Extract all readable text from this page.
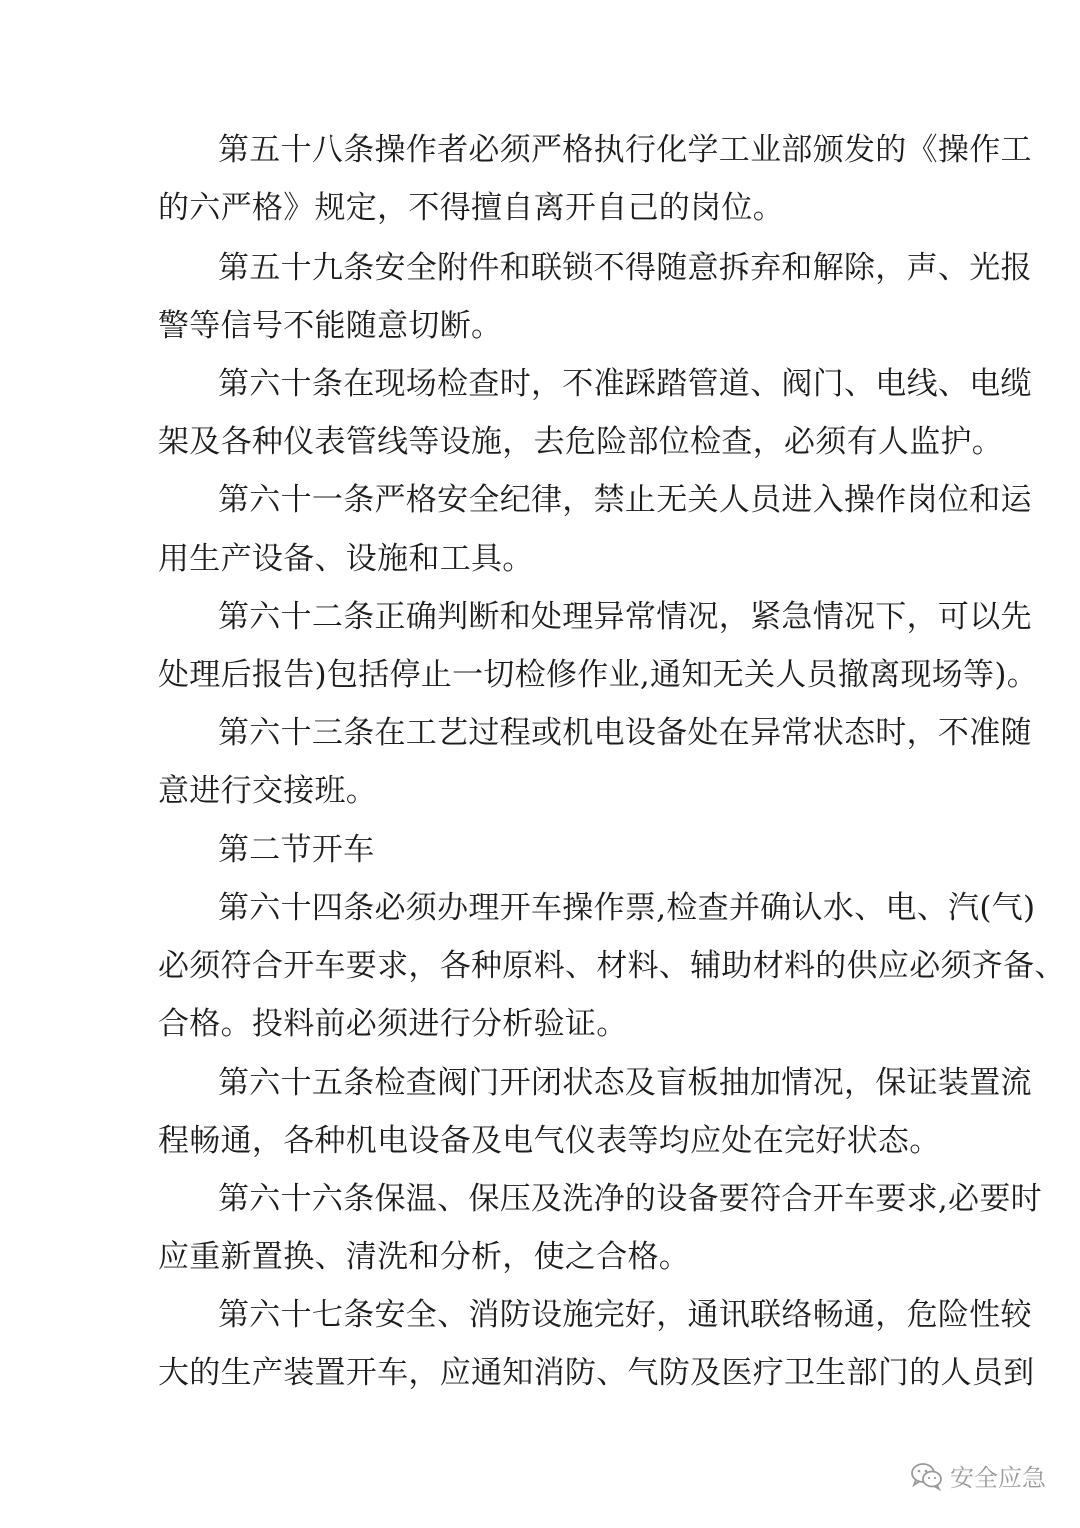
第五十八条操作者必须严格执行化学工业部颁发的《操作工
的六严格》规定，不得擅自离开自己的岗位。
第五十九条安全附件和联锁不得随意拆弃和解除，声、光报
警等信号不能随意切断。
第六十条在现场检查时，不准踩踏管道、阀门、电线、电缆
架及各种仪表管线等设施，去危险部位检查，必须有人监护。
第六十一条严格安全纪律，禁止无关人员进入操作岗位和运
用生产设备、设施和工具。
第六十二条正确判断和处理异常情况，紧急情况下，可以先
处理后报告)包括停止一切检修作业,通知无关人员撤离现场等)。
第六十三条在工艺过程或机电设备处在异常状态时，不准随
意进行交接班。
第二节开车
第六十四条必须办理开车操作票,检查并确认水、电、汽(气)
必须符合开车要求，各种原料、材料、辅助材料的供应必须齐备、
合格。投料前必须进行分析验证。
第六十五条检查阀门开闭状态及盲板抽加情况，保证装置流
程畅通，各种机电设备及电气仪表等均应处在完好状态。
第六十六条保温、保压及洗净的设备要符合开车要求,必要时
应重新置换、清洗和分析，使之合格。
第六十七条安全、消防设施完好，通讯联络畅通，危险性较
大的生产装置开车，应通知消防、气防及医疗卫生部门的人员到
安全应急
